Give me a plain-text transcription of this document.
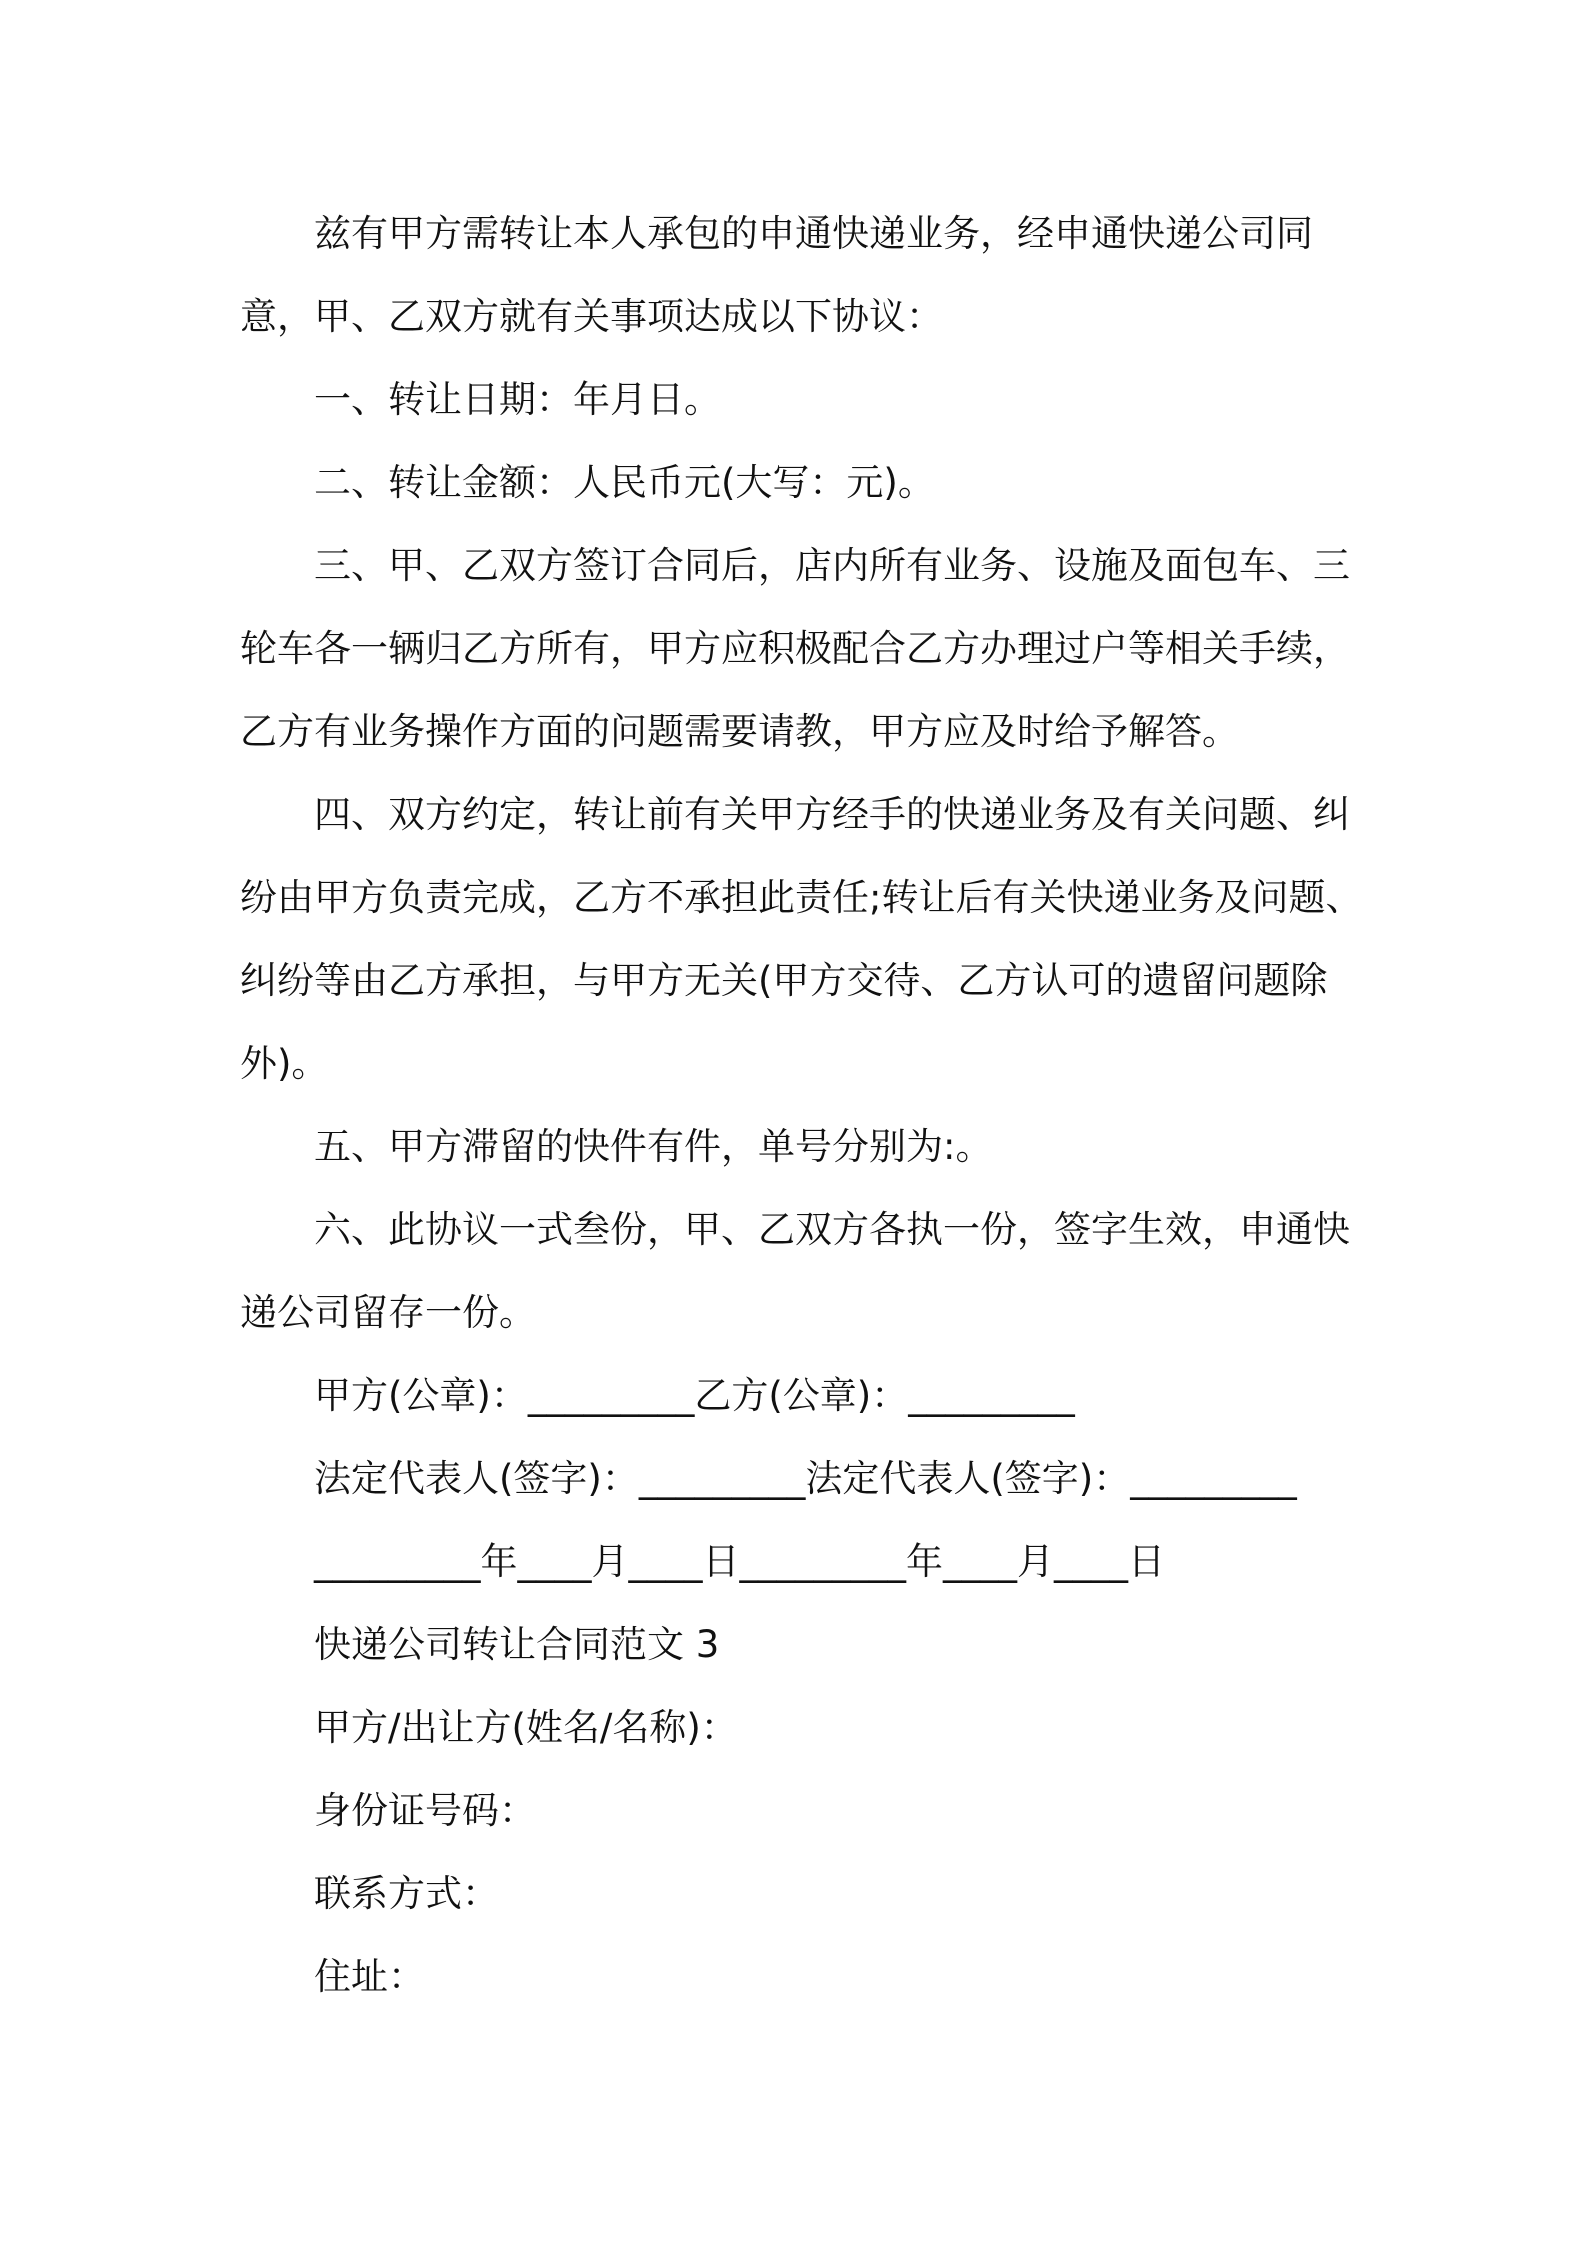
兹有甲方需转让本人承包的申通快递业务，经申通快递公司同意，甲、乙双方就有关事项达成以下协议：

一、转让日期：年月日。

二、转让金额：人民币元(大写：元)。

三、甲、乙双方签订合同后，店内所有业务、设施及面包车、三轮车各一辆归乙方所有，甲方应积极配合乙方办理过户等相关手续，乙方有业务操作方面的问题需要请教，甲方应及时给予解答。

四、双方约定，转让前有关甲方经手的快递业务及有关问题、纠纷由甲方负责完成，乙方不承担此责任;转让后有关快递业务及问题、纠纷等由乙方承担，与甲方无关(甲方交待、乙方认可的遗留问题除外)。

五、甲方滞留的快件有件，单号分别为:。

六、此协议一式叁份，甲、乙双方各执一份，签字生效，申通快递公司留存一份。

甲方(公章)：_________乙方(公章)：_________

法定代表人(签字)：_________法定代表人(签字)：_________

_________年____月____日_________年____月____日

快递公司转让合同范文 3

甲方/出让方(姓名/名称)：

身份证号码：

联系方式：

住址：
